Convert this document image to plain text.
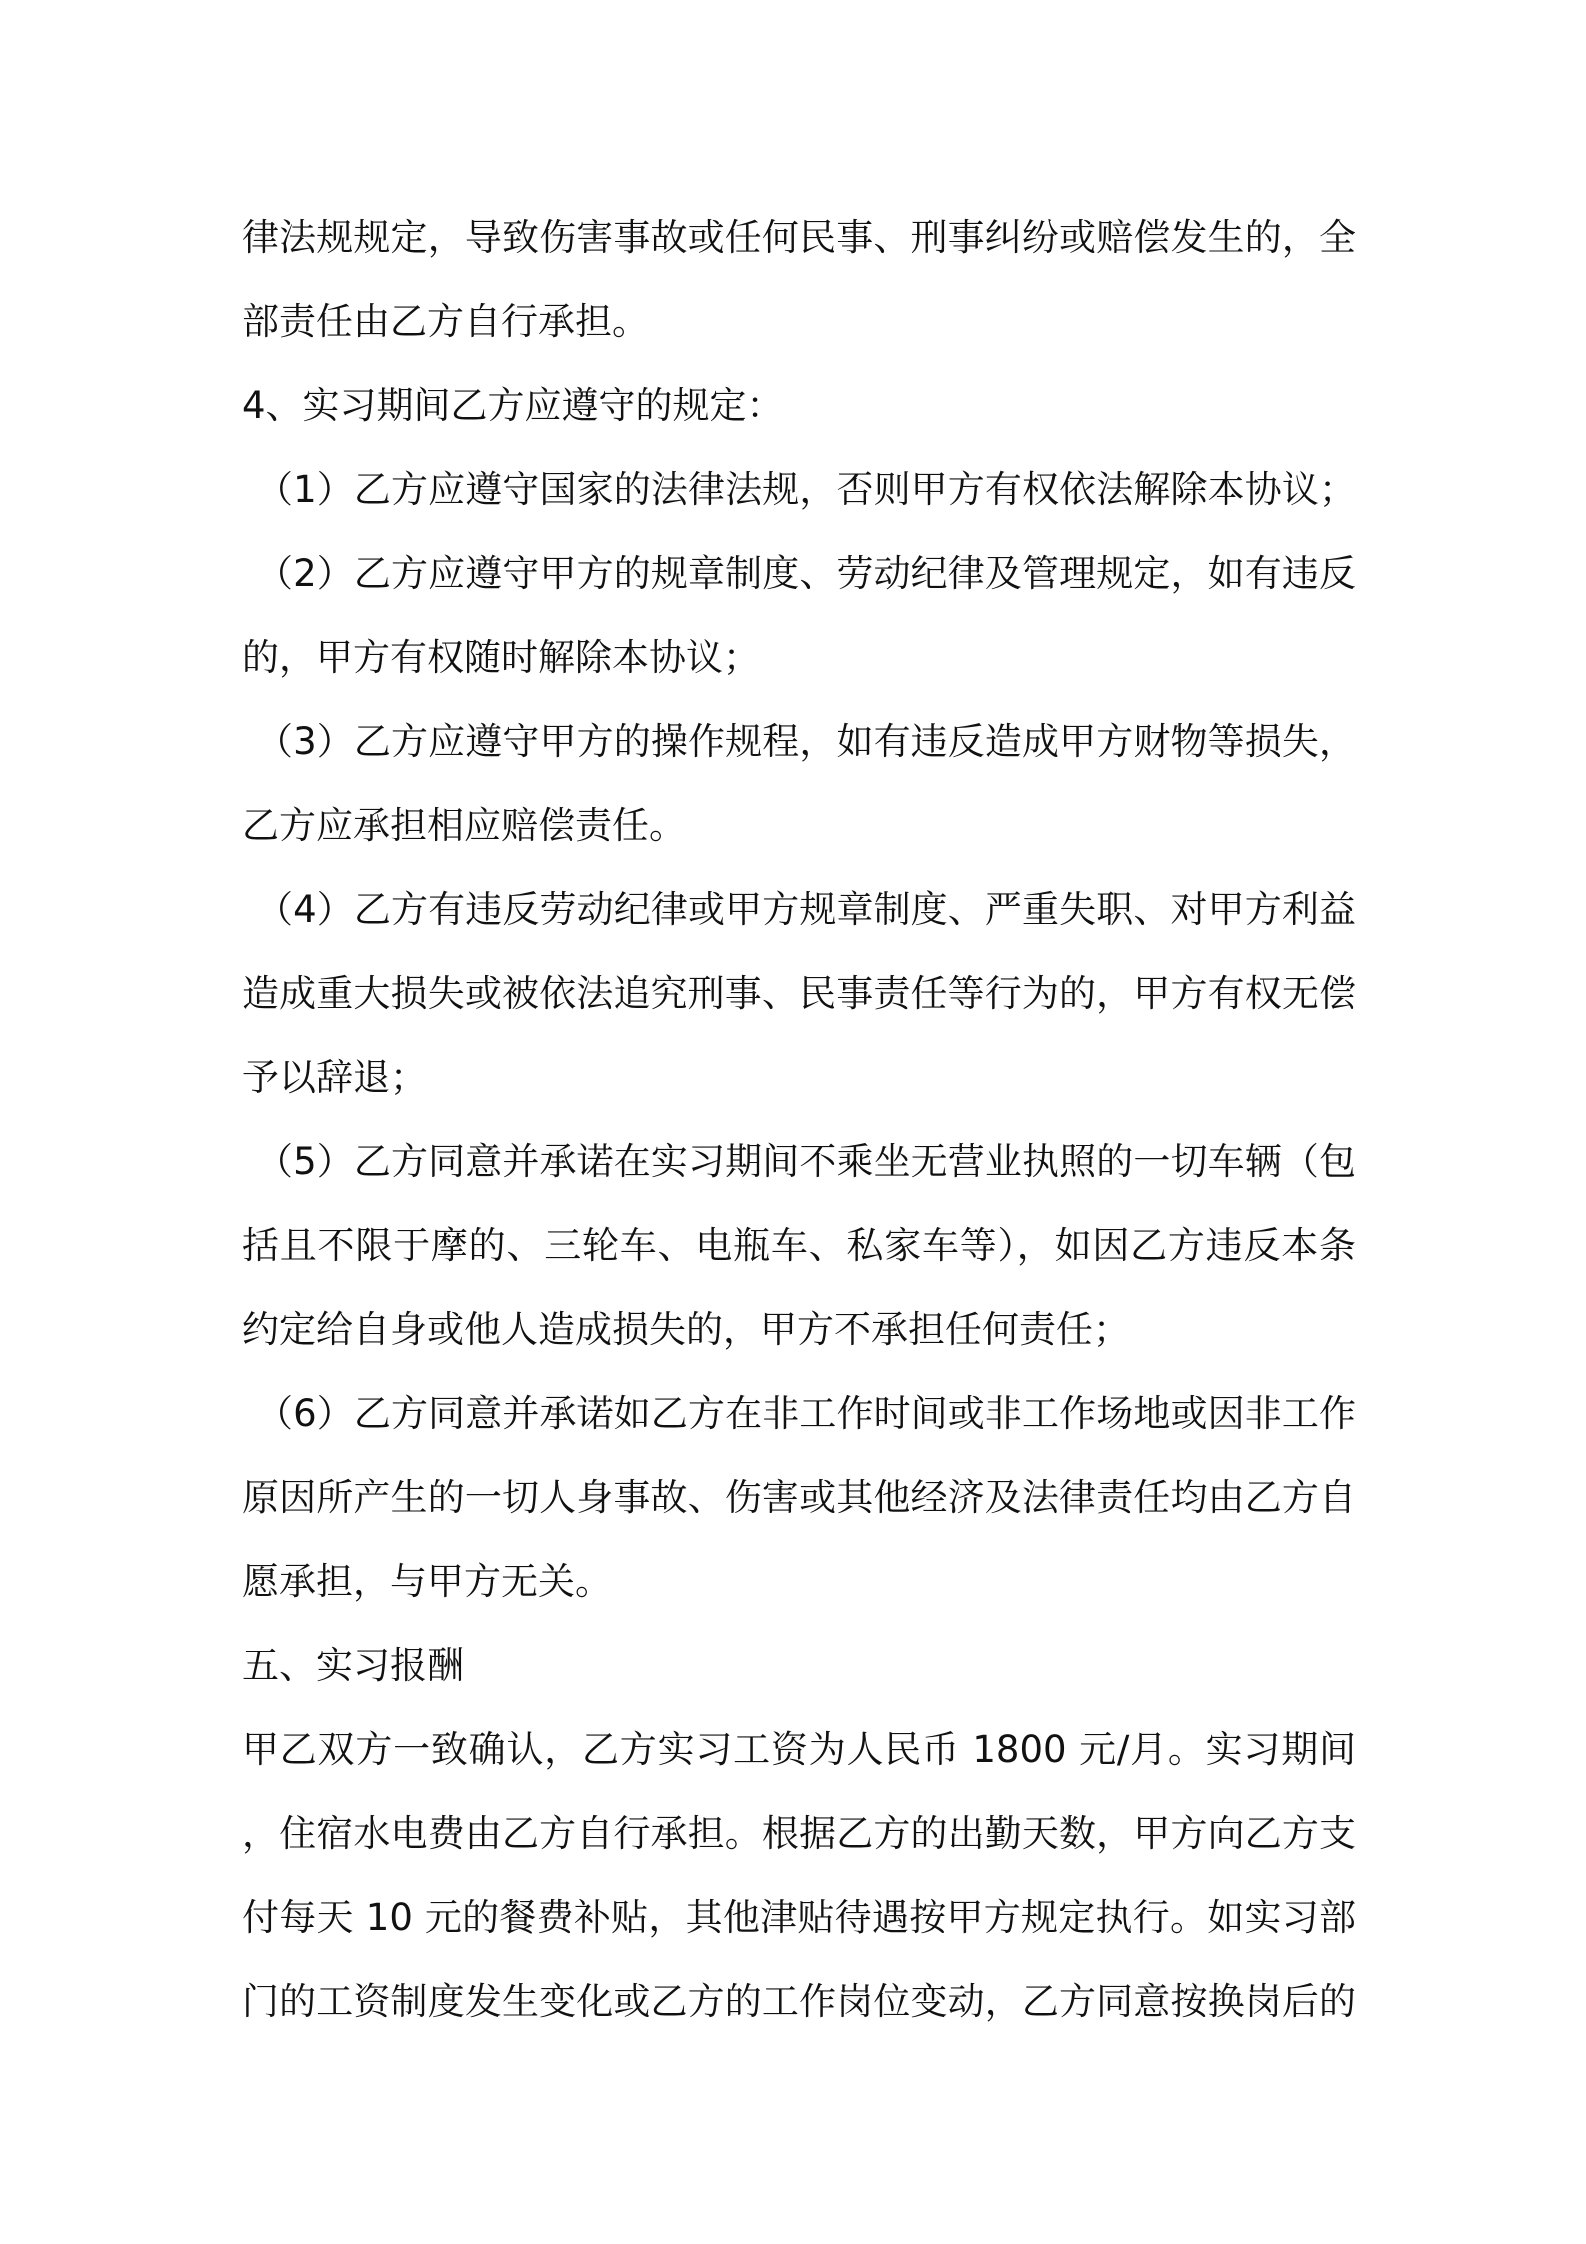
律法规规定，导致伤害事故或任何民事、刑事纠纷或赔偿发生的，全
部责任由乙方自行承担。
4、实习期间乙方应遵守的规定：
（1）乙方应遵守国家的法律法规，否则甲方有权依法解除本协议；
（2）乙方应遵守甲方的规章制度、劳动纪律及管理规定，如有违反
的，甲方有权随时解除本协议；
（3）乙方应遵守甲方的操作规程，如有违反造成甲方财物等损失，
乙方应承担相应赔偿责任。
（4）乙方有违反劳动纪律或甲方规章制度、严重失职、对甲方利益
造成重大损失或被依法追究刑事、民事责任等行为的，甲方有权无偿
予以辞退；
（5）乙方同意并承诺在实习期间不乘坐无营业执照的一切车辆（包
括且不限于摩的、三轮车、电瓶车、私家车等），如因乙方违反本条
约定给自身或他人造成损失的，甲方不承担任何责任；
（6）乙方同意并承诺如乙方在非工作时间或非工作场地或因非工作
原因所产生的一切人身事故、伤害或其他经济及法律责任均由乙方自
愿承担，与甲方无关。
五、实习报酬
甲乙双方一致确认，乙方实习工资为人民币 1800 元/月。实习期间
，住宿水电费由乙方自行承担。根据乙方的出勤天数，甲方向乙方支
付每天 10 元的餐费补贴，其他津贴待遇按甲方规定执行。如实习部
门的工资制度发生变化或乙方的工作岗位变动，乙方同意按换岗后的
